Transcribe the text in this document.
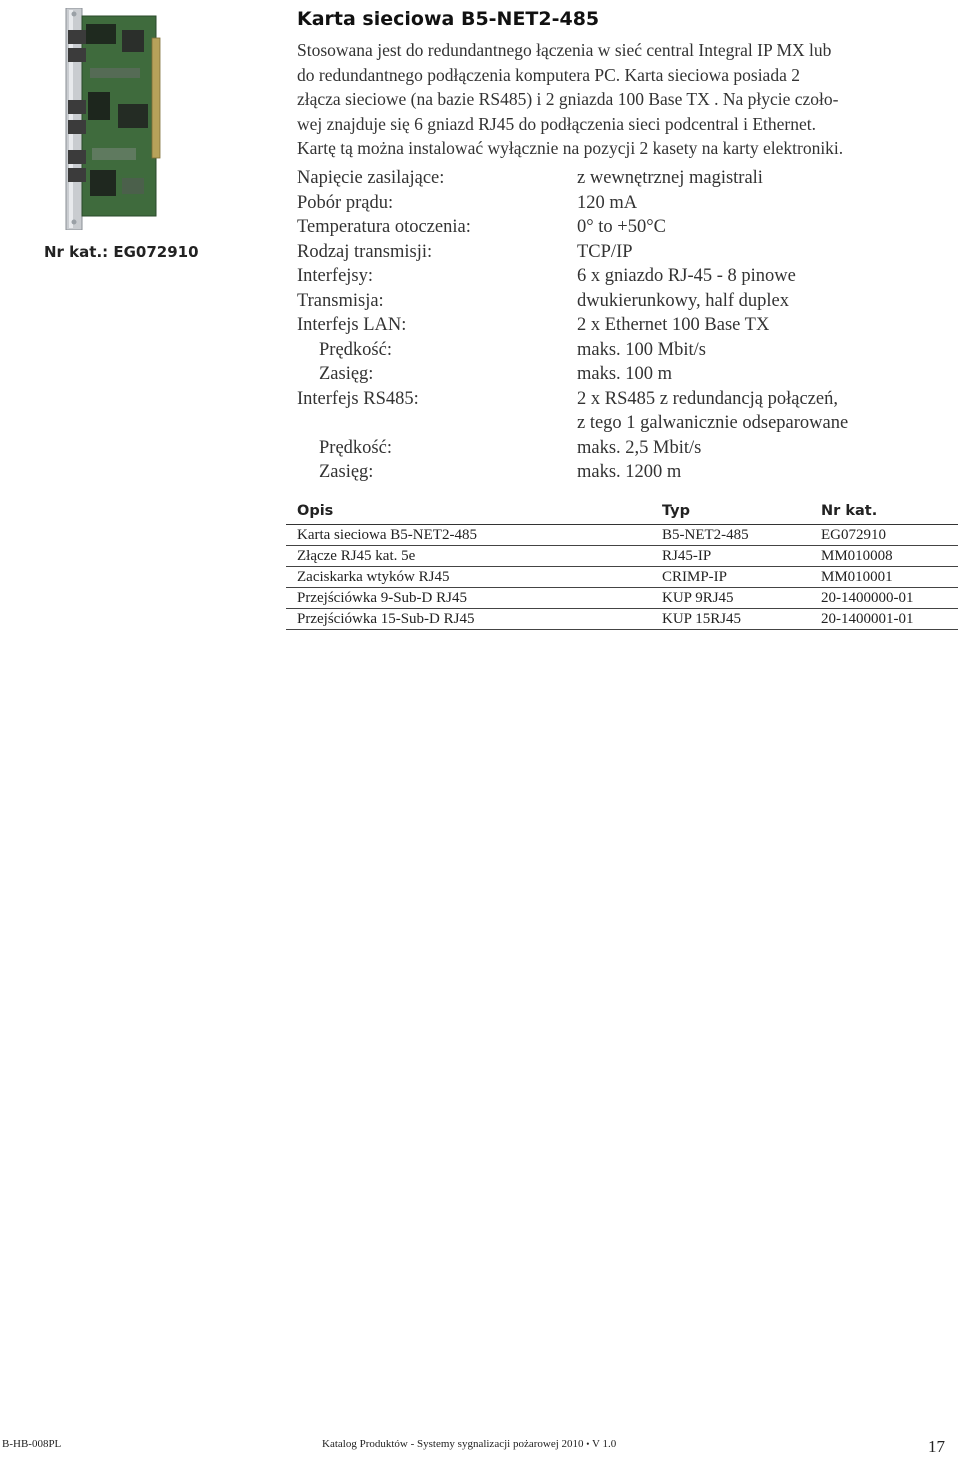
Nr kat.: EG072910
Karta sieciowa B5-NET2-485
Stosowana jest do redundantnego łączenia w sieć central Integral IP MX lub
do redundantnego podłączenia komputera PC. Karta sieciowa posiada 2
złącza sieciowe (na bazie RS485) i 2 gniazda 100 Base TX . Na płycie czoło-
wej znajduje się 6 gniazd RJ45 do podłączenia sieci podcentral i Ethernet.
Kartę tą można instalować wyłącznie na pozycji 2 kasety na karty elektroniki.
Napięcie zasilające:	z wewnętrznej magistrali
Pobór prądu:	120 mA
Temperatura otoczenia:	0° to +50°C
Rodzaj transmisji:	TCP/IP
Interfejsy:	6 x gniazdo RJ-45 - 8 pinowe
Transmisja:	dwukierunkowy, half duplex
Interfejs LAN:	2 x Ethernet 100 Base TX
Prędkość:	maks. 100 Mbit/s
Zasięg:	maks. 100 m
Interfejs RS485:	2 x RS485 z redundancją połączeń,
z tego 1 galwanicznie odseparowane
Prędkość:	maks. 2,5 Mbit/s
Zasięg:	maks. 1200 m
Opis	Typ	Nr kat.
Karta sieciowa B5-NET2-485	B5-NET2-485	EG072910
Złącze RJ45 kat. 5e	RJ45-IP	MM010008
Zaciskarka wtyków RJ45	CRIMP-IP	MM010001
Przejściówka 9-Sub-D RJ45	KUP 9RJ45	20-1400000-01
Przejściówka 15-Sub-D RJ45	KUP 15RJ45	20-1400001-01
B-HB-008PL	Katalog Produktów - Systemy sygnalizacji pożarowej 2010 • V 1.0	17
